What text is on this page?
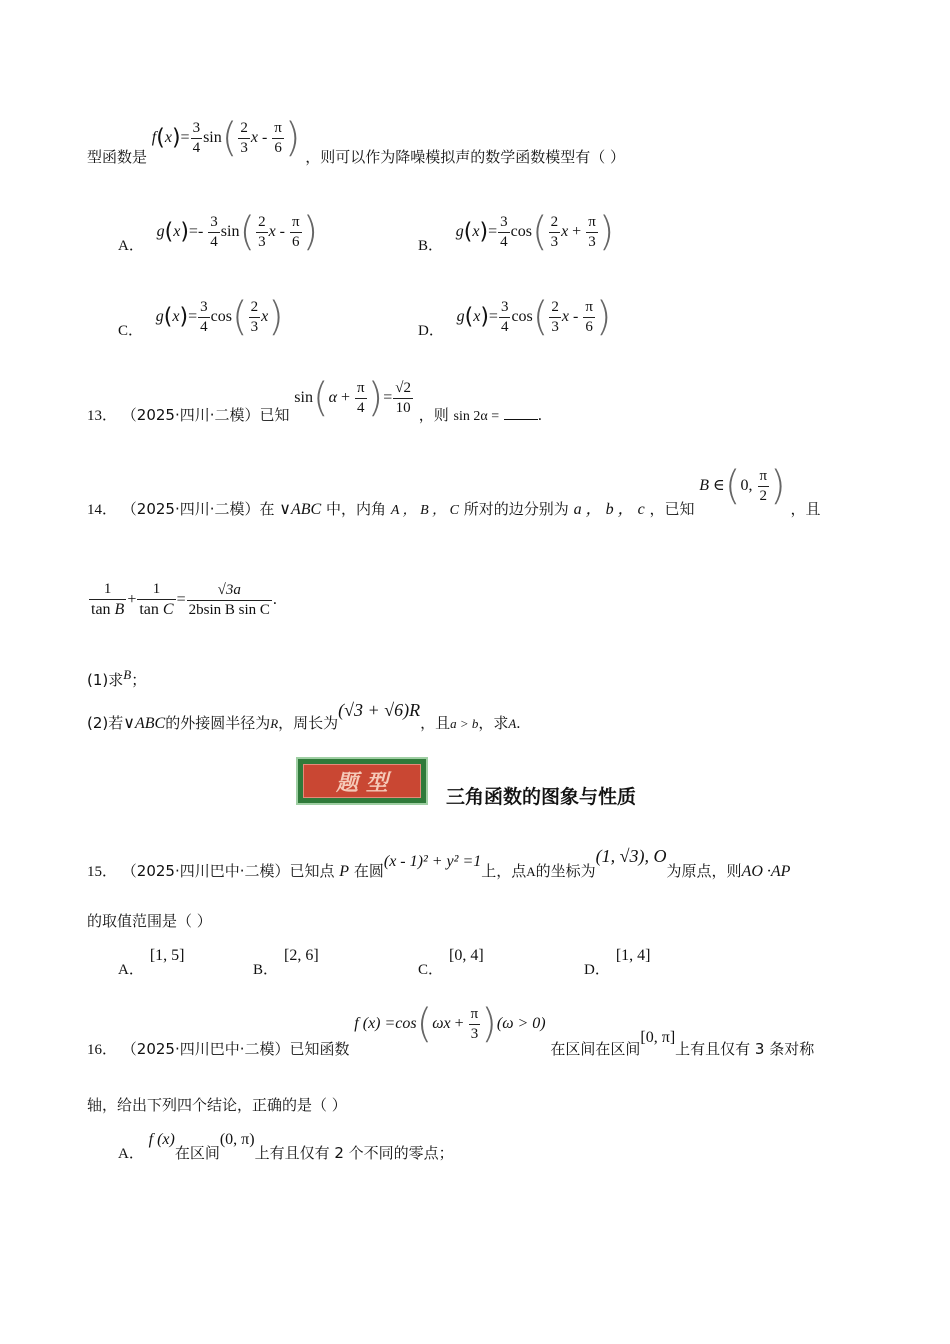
型函数是 $f(x)= \frac{3}{4} \sin( \frac{2}{3}$ x - $\frac{\pi}{6}$ ) ，则可以作为降噪模拟声的数学函数模型有（ ）
A． $g(x)=- \frac{3}{4} \sin( \frac{2}{3}$ x - $\frac{\pi}{6}$ )	B． $g(x)= \frac{3}{4} \cos( \frac{2}{3}$ $x + \frac{\pi}{3}$ )
C． $g(x)= \frac{3}{4} \cos( \frac{2}{3} x)$	D． $g(x)= \frac{3}{4} \cos( \frac{2}{3}$ x - $\frac{\pi}{6}$ )
13． （2025·四川·二模）已知 $\sin(\alpha + \frac{\pi}{4}$ )= $\frac{√2}{10}$ ，则 sin 2α = .
14． （2025·四川·二模）在 ∨ABC 中，内角 A ， B ， C 所对的边分别为 a ， b ， c ，已知 B ∈(0, $\frac{\pi}{2}$ ) ，且
$\frac{1}{\text{tan B}} + \frac{1}{\text{tan C}} = \frac{√3a}{\text{2bsin B sin C}}$ .
(1)求B；
(2)若∨ABC的外接圆半径为R，周长为(√3 + √6)R，且a > b，求A.
题 型
三角函数的图象与性质
15． （2025·四川巴中·二模）已知点 P 在圆(x - 1)² + y² =1上，点A的坐标为(1, √3), O为原点，则AO ·AP
的取值范围是（ ）
A．[1, 5]
B．[2, 6]
C．[0, 4]
D．[1, 4]
16． （2025·四川巴中·二模）已知函数 f $(x) =\cos(\omega x + \frac{\pi}{3} )(\omega > 0)$ 在区间在区间[0, π]上有且仅有 3 条对称
轴，给出下列四个结论，正确的是（ ）
A． f (x)在区间(0, π)上有且仅有 2 个不同的零点；
